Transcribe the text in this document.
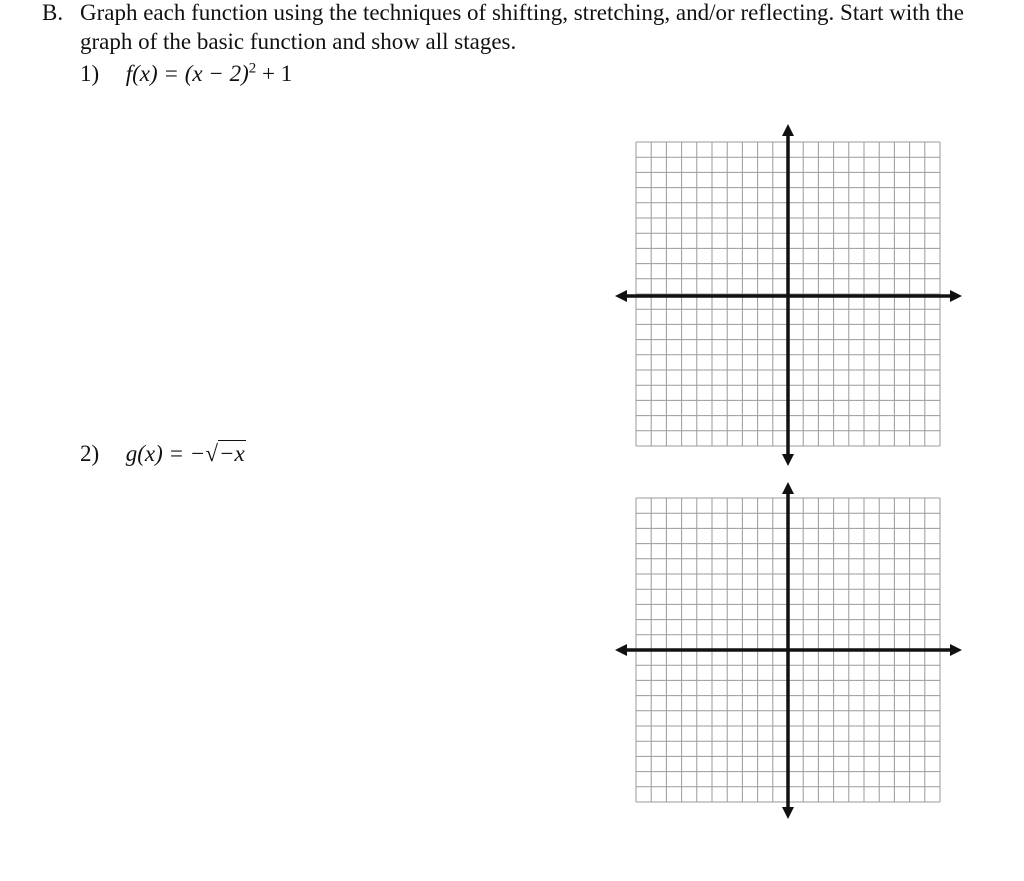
B. Graph each function using the techniques of shifting, stretching, and/or reflecting. Start with the
graph of the basic function and show all stages.
1) $f(x) = (x - 2)^2 + 1$
2) g(x) = −√−x
